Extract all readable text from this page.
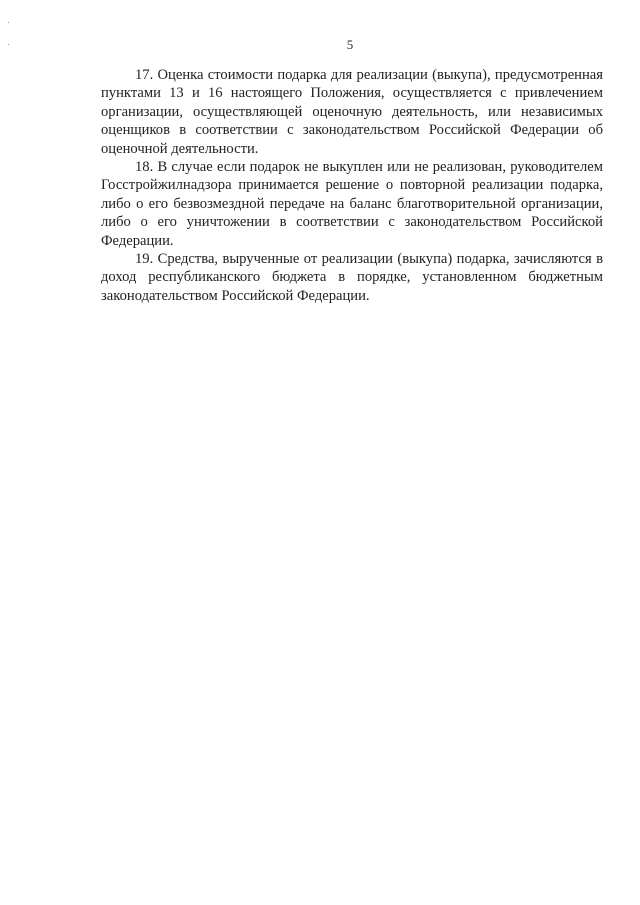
5

17. Оценка стоимости подарка для реализации (выкупа), предусмотренная пунктами 13 и 16 настоящего Положения, осуществляется с привлечением организации, осуществляющей оценочную деятельность, или независимых оценщиков в соответствии с законодательством Российской Федерации об оценочной деятельности.

18. В случае если подарок не выкуплен или не реализован, руководителем Госстройжилнадзора принимается решение о повторной реализации подарка, либо о его безвозмездной передаче на баланс благотворительной организации, либо о его уничтожении в соответствии с законодательством Российской Федерации.

19. Средства, вырученные от реализации (выкупа) подарка, зачисляются в доход республиканского бюджета в порядке, установленном бюджетным законодательством Российской Федерации.
